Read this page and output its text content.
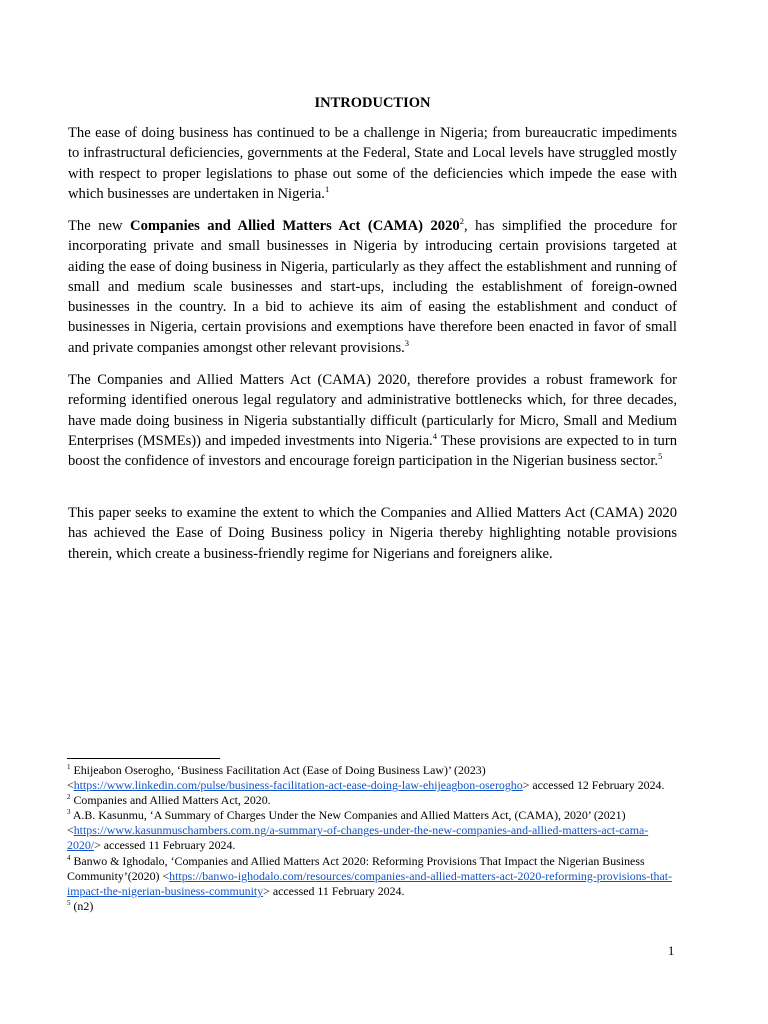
INTRODUCTION

The ease of doing business has continued to be a challenge in Nigeria; from bureaucratic impediments to infrastructural deficiencies, governments at the Federal, State and Local levels have struggled mostly with respect to proper legislations to phase out some of the deficiencies which impede the ease with which businesses are undertaken in Nigeria.$^1$

The new Companies and Allied Matters Act (CAMA) 2020$^2$, has simplified the procedure for incorporating private and small businesses in Nigeria by introducing certain provisions targeted at aiding the ease of doing business in Nigeria, particularly as they affect the establishment and running of small and medium scale businesses and start-ups, including the establishment of foreign-owned businesses in the country. In a bid to achieve its aim of easing the establishment and conduct of businesses in Nigeria, certain provisions and exemptions have therefore been enacted in favor of small and private companies amongst other relevant provisions.$^3$

The Companies and Allied Matters Act (CAMA) 2020, therefore provides a robust framework for reforming identified onerous legal regulatory and administrative bottlenecks which, for three decades, have made doing business in Nigeria substantially difficult (particularly for Micro, Small and Medium Enterprises (MSMEs)) and impeded investments into Nigeria.$^4$ These provisions are expected to in turn boost the confidence of investors and encourage foreign participation in the Nigerian business sector.$^5$

This paper seeks to examine the extent to which the Companies and Allied Matters Act (CAMA) 2020 has achieved the Ease of Doing Business policy in Nigeria thereby highlighting notable provisions therein, which create a business-friendly regime for Nigerians and foreigners alike.

$^1$ Ehijeabon Oserogho, ‘Business Facilitation Act (Ease of Doing Business Law)’ (2023) <https://www.linkedin.com/pulse/business-facilitation-act-ease-doing-law-ehijeagbon-oserogho> accessed 12 February 2024.

$^2$ Companies and Allied Matters Act, 2020.

$^3$ A.B. Kasunmu, ‘A Summary of Charges Under the New Companies and Allied Matters Act, (CAMA), 2020’ (2021) <https://www.kasunmuschambers.com.ng/a-summary-of-changes-under-the-new-companies-and-allied-matters-act-cama-2020/> accessed 11 February 2024.

$^4$ Banwo & Ighodalo, ‘Companies and Allied Matters Act 2020: Reforming Provisions That Impact the Nigerian Business Community’(2020) <https://banwo-ighodalo.com/resources/companies-and-allied-matters-act-2020-reforming-provisions-that-impact-the-nigerian-business-community> accessed 11 February 2024.

$^5$ (n2)

1
